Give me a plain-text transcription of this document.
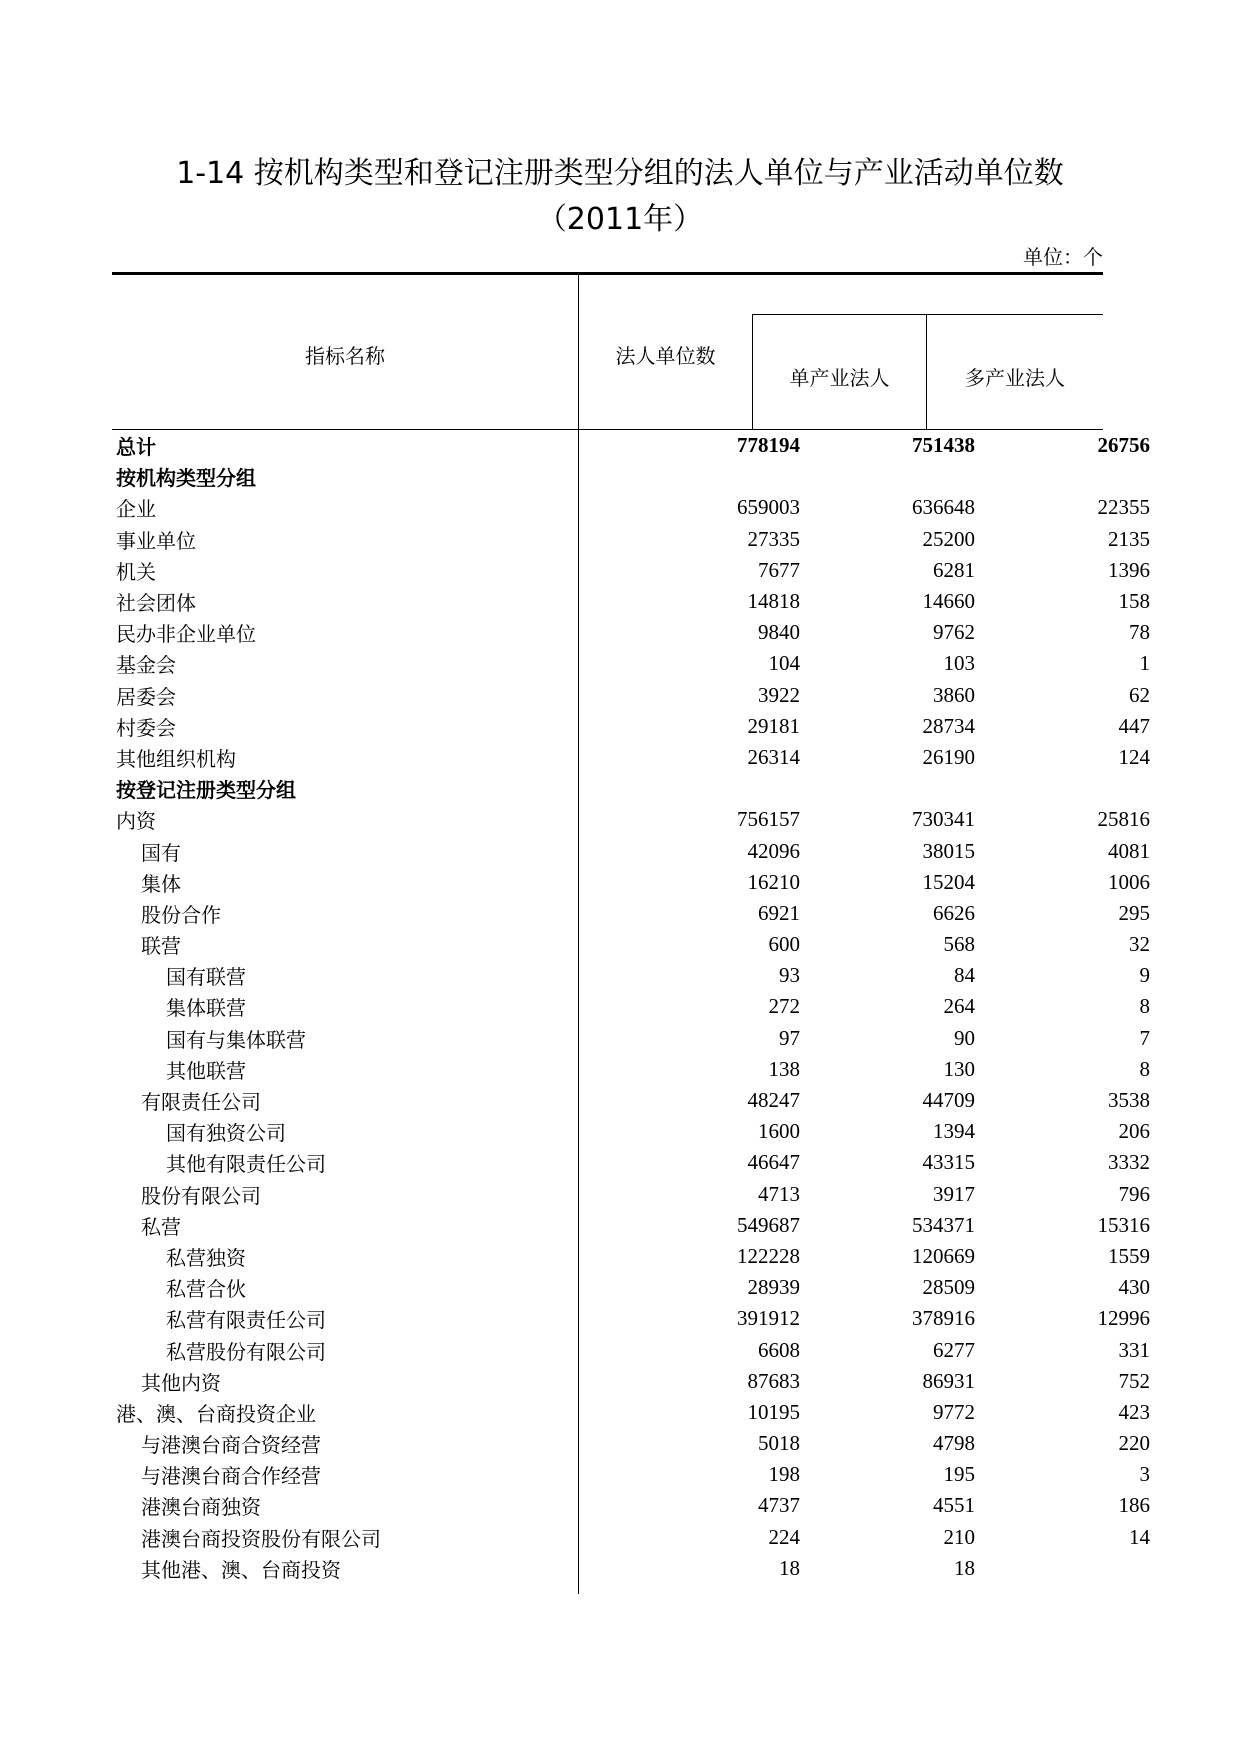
1-14 按机构类型和登记注册类型分组的法人单位与产业活动单位数
（2011年）
单位：个
指标名称	法人单位数
单产业法人	多产业法人
总计	778194	751438	26756
按机构类型分组			
企业	659003	636648	22355
事业单位	27335	25200	2135
机关	7677	6281	1396
社会团体	14818	14660	158
民办非企业单位	9840	9762	78
基金会	104	103	1
居委会	3922	3860	62
村委会	29181	28734	447
其他组织机构	26314	26190	124
按登记注册类型分组			
内资	756157	730341	25816
国有	42096	38015	4081
集体	16210	15204	1006
股份合作	6921	6626	295
联营	600	568	32
国有联营	93	84	9
集体联营	272	264	8
国有与集体联营	97	90	7
其他联营	138	130	8
有限责任公司	48247	44709	3538
国有独资公司	1600	1394	206
其他有限责任公司	46647	43315	3332
股份有限公司	4713	3917	796
私营	549687	534371	15316
私营独资	122228	120669	1559
私营合伙	28939	28509	430
私营有限责任公司	391912	378916	12996
私营股份有限公司	6608	6277	331
其他内资	87683	86931	752
港、澳、台商投资企业	10195	9772	423
与港澳台商合资经营	5018	4798	220
与港澳台商合作经营	198	195	3
港澳台商独资	4737	4551	186
港澳台商投资股份有限公司	224	210	14
其他港、澳、台商投资	18	18	
